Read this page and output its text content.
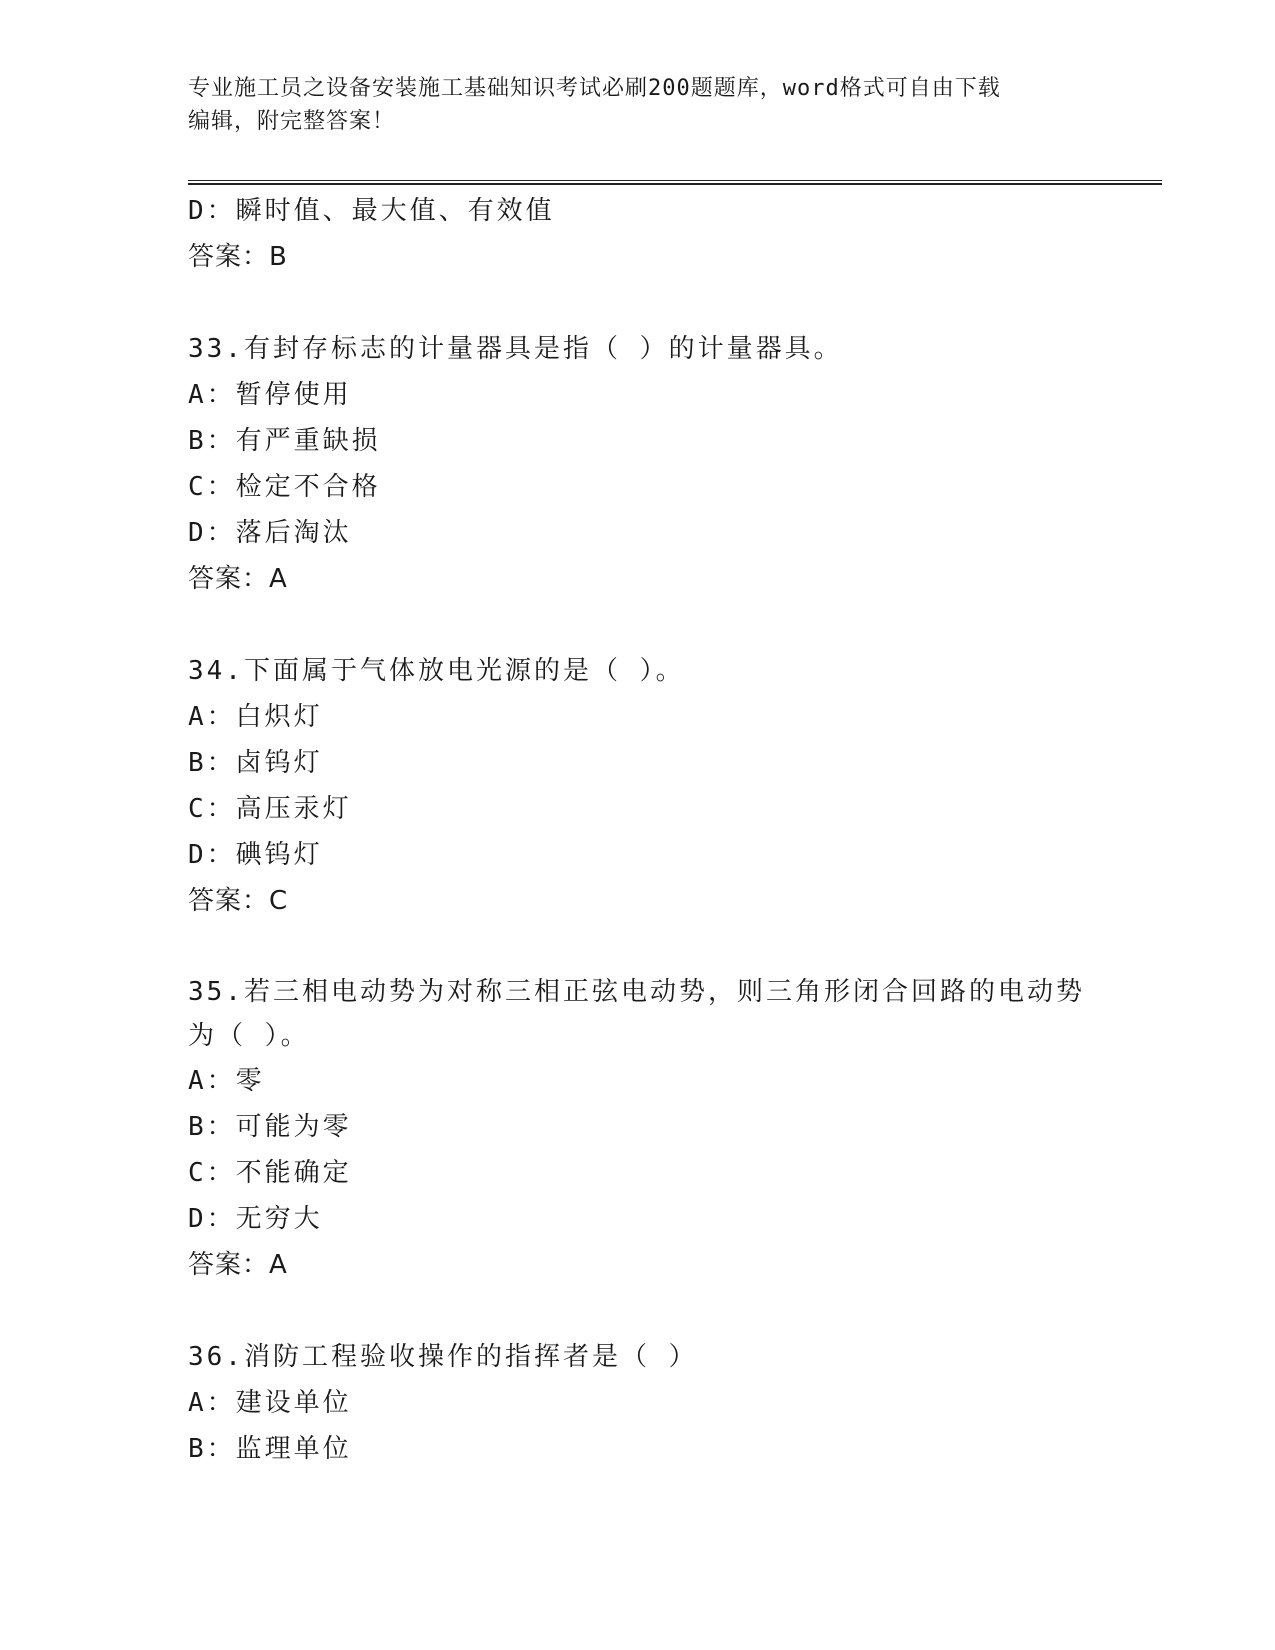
专业施工员之设备安装施工基础知识考试必刷200题题库，word格式可自由下载
编辑，附完整答案！
D：瞬时值、最大值、有效值
答案：B
33.有封存标志的计量器具是指（ ）的计量器具。
A：暂停使用
B：有严重缺损
C：检定不合格
D：落后淘汰
答案：A
34.下面属于气体放电光源的是（ ）。
A：白炽灯
B：卤钨灯
C：高压汞灯
D：碘钨灯
答案：C
35.若三相电动势为对称三相正弦电动势，则三角形闭合回路的电动势
为（ ）。
A：零
B：可能为零
C：不能确定
D：无穷大
答案：A
36.消防工程验收操作的指挥者是（ ）
A：建设单位
B：监理单位
